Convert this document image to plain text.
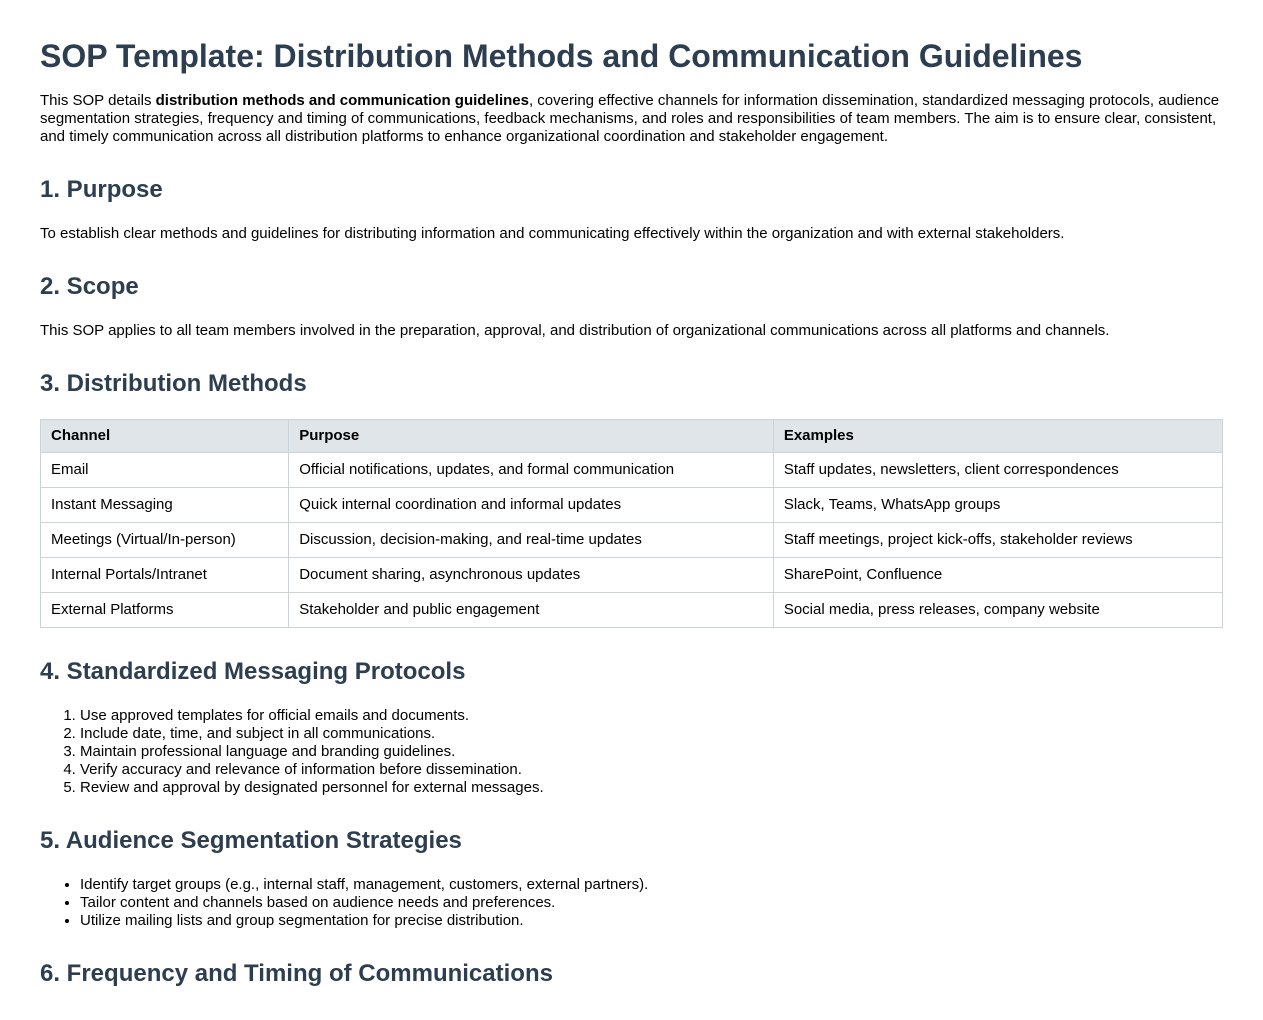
SOP Template: Distribution Methods and Communication Guidelines

This SOP details distribution methods and communication guidelines, covering effective channels for information dissemination, standardized messaging protocols, audience segmentation strategies, frequency and timing of communications, feedback mechanisms, and roles and responsibilities of team members. The aim is to ensure clear, consistent, and timely communication across all distribution platforms to enhance organizational coordination and stakeholder engagement.

1. Purpose

To establish clear methods and guidelines for distributing information and communicating effectively within the organization and with external stakeholders.

2. Scope

This SOP applies to all team members involved in the preparation, approval, and distribution of organizational communications across all platforms and channels.

3. Distribution Methods
Channel	Purpose	Examples
Email	Official notifications, updates, and formal communication	Staff updates, newsletters, client correspondences
Instant Messaging	Quick internal coordination and informal updates	Slack, Teams, WhatsApp groups
Meetings (Virtual/In-person)	Discussion, decision-making, and real-time updates	Staff meetings, project kick-offs, stakeholder reviews
Internal Portals/Intranet	Document sharing, asynchronous updates	SharePoint, Confluence
External Platforms	Stakeholder and public engagement	Social media, press releases, company website
4. Standardized Messaging Protocols
1. Use approved templates for official emails and documents.
2. Include date, time, and subject in all communications.
3. Maintain professional language and branding guidelines.
4. Verify accuracy and relevance of information before dissemination.
5. Review and approval by designated personnel for external messages.
5. Audience Segmentation Strategies
• Identify target groups (e.g., internal staff, management, customers, external partners).
• Tailor content and channels based on audience needs and preferences.
• Utilize mailing lists and group segmentation for precise distribution.
6. Frequency and Timing of Communications
